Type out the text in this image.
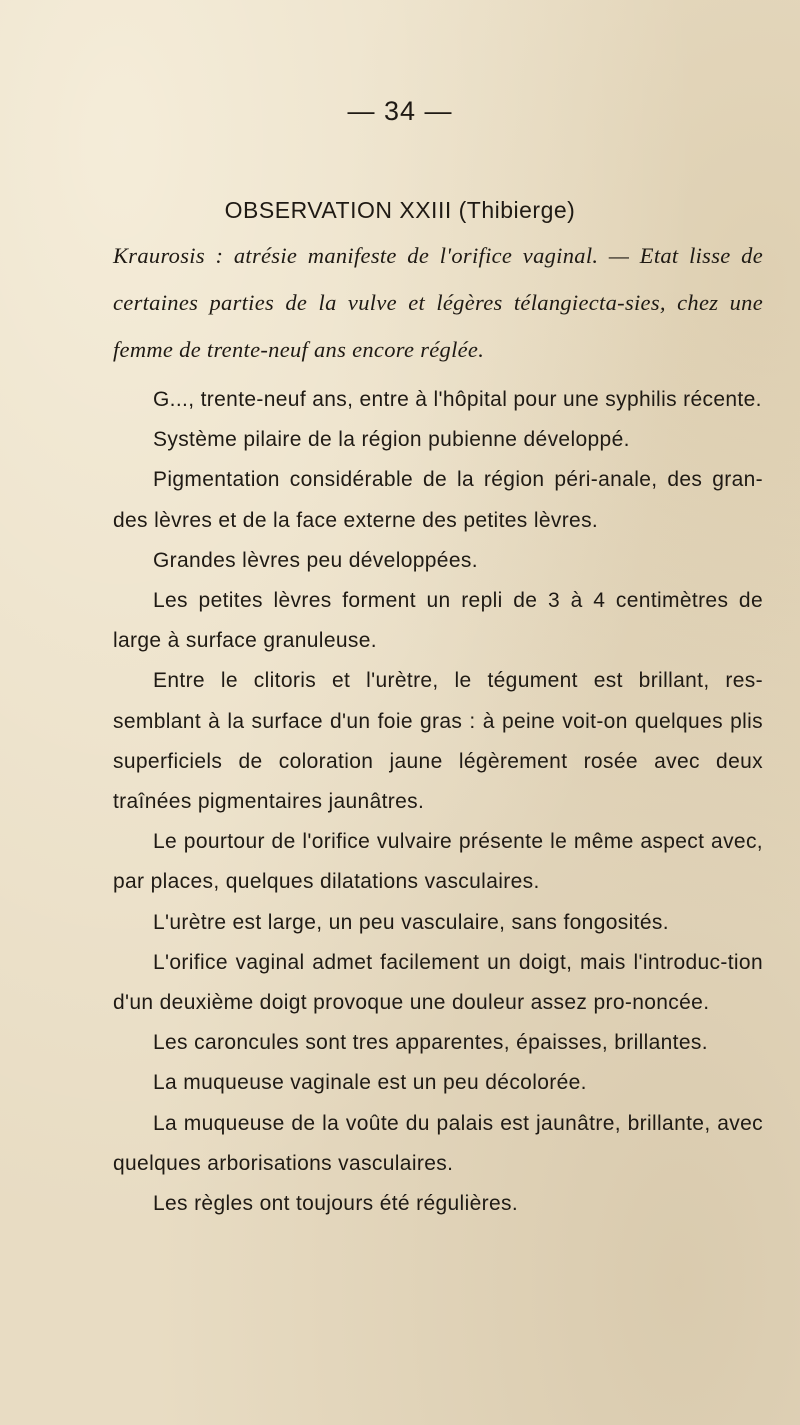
— 34 —
OBSERVATION XXIII (Thibierge)
Kraurosis : atrésie manifeste de l'orifice vaginal. — Etat lisse de certaines parties de la vulve et légères télangiecta-sies, chez une femme de trente-neuf ans encore réglée.

G..., trente-neuf ans, entre à l'hôpital pour une syphilis récente.

Système pilaire de la région pubienne développé.

Pigmentation considérable de la région péri-anale, des gran-des lèvres et de la face externe des petites lèvres.

Grandes lèvres peu développées.

Les petites lèvres forment un repli de 3 à 4 centimètres de large à surface granuleuse.

Entre le clitoris et l'urètre, le tégument est brillant, res-semblant à la surface d'un foie gras : à peine voit-on quelques plis superficiels de coloration jaune légèrement rosée avec deux traînées pigmentaires jaunâtres.

Le pourtour de l'orifice vulvaire présente le même aspect avec, par places, quelques dilatations vasculaires.

L'urètre est large, un peu vasculaire, sans fongosités.

L'orifice vaginal admet facilement un doigt, mais l'introduc-tion d'un deuxième doigt provoque une douleur assez pro-noncée.

Les caroncules sont tres apparentes, épaisses, brillantes.

La muqueuse vaginale est un peu décolorée.

La muqueuse de la voûte du palais est jaunâtre, brillante, avec quelques arborisations vasculaires.

Les règles ont toujours été régulières.
